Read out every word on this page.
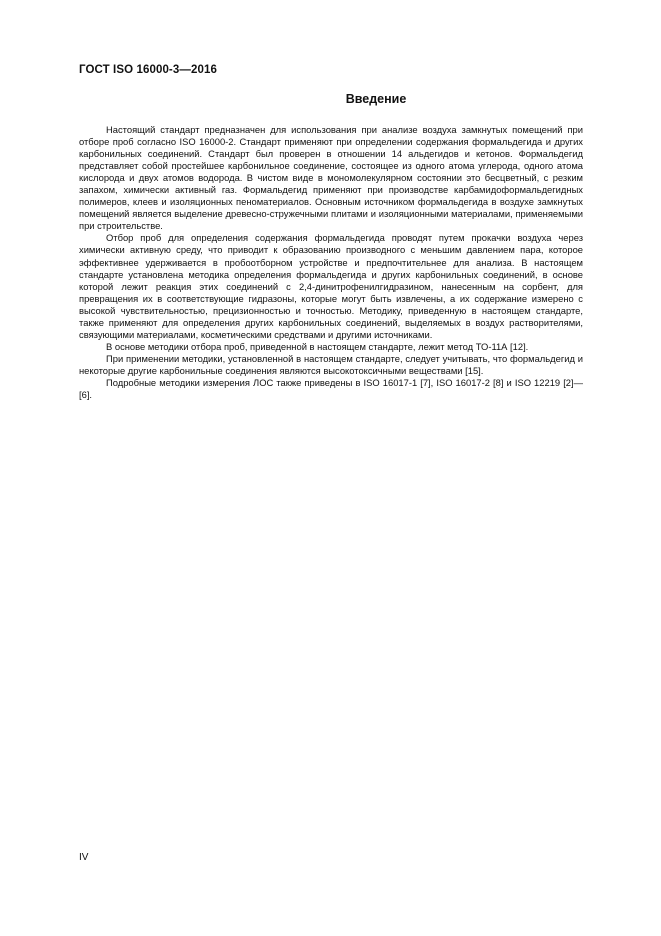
ГОСТ ISO 16000-3—2016
Введение

Настоящий стандарт предназначен для использования при анализе воздуха замкнутых помещений при отборе проб согласно ISO 16000-2. Стандарт применяют при определении содержания формальдегида и других карбонильных соединений. Стандарт был проверен в отношении 14 альдегидов и кетонов. Формальдегид представляет собой простейшее карбонильное соединение, состоящее из одного атома углерода, одного атома кислорода и двух атомов водорода. В чистом виде в мономолекулярном состоянии это бесцветный, с резким запахом, химически активный газ. Формальдегид применяют при производстве карбамидоформальдегидных полимеров, клеев и изоляционных пеноматериалов. Основным источником формальдегида в воздухе замкнутых помещений является выделение древесно-стружечными плитами и изоляционными материалами, применяемыми при строительстве.

Отбор проб для определения содержания формальдегида проводят путем прокачки воздуха через химически активную среду, что приводит к образованию производного с меньшим давлением пара, которое эффективнее удерживается в пробоотборном устройстве и предпочтительнее для анализа. В настоящем стандарте установлена методика определения формальдегида и других карбонильных соединений, в основе которой лежит реакция этих соединений с 2,4-динитрофенилгидразином, нанесенным на сорбент, для превращения их в соответствующие гидразоны, которые могут быть извлечены, а их содержание измерено с высокой чувствительностью, прецизионностью и точностью. Методику, приведенную в настоящем стандарте, также применяют для определения других карбонильных соединений, выделяемых в воздух растворителями, связующими материалами, косметическими средствами и другими источниками.

В основе методики отбора проб, приведенной в настоящем стандарте, лежит метод ТО-11А [12].

При применении методики, установленной в настоящем стандарте, следует учитывать, что формальдегид и некоторые другие карбонильные соединения являются высокотоксичными веществами [15].

Подробные методики измерения ЛОС также приведены в ISO 16017-1 [7], ISO 16017-2 [8] и ISO 12219 [2]—[6].

IV
